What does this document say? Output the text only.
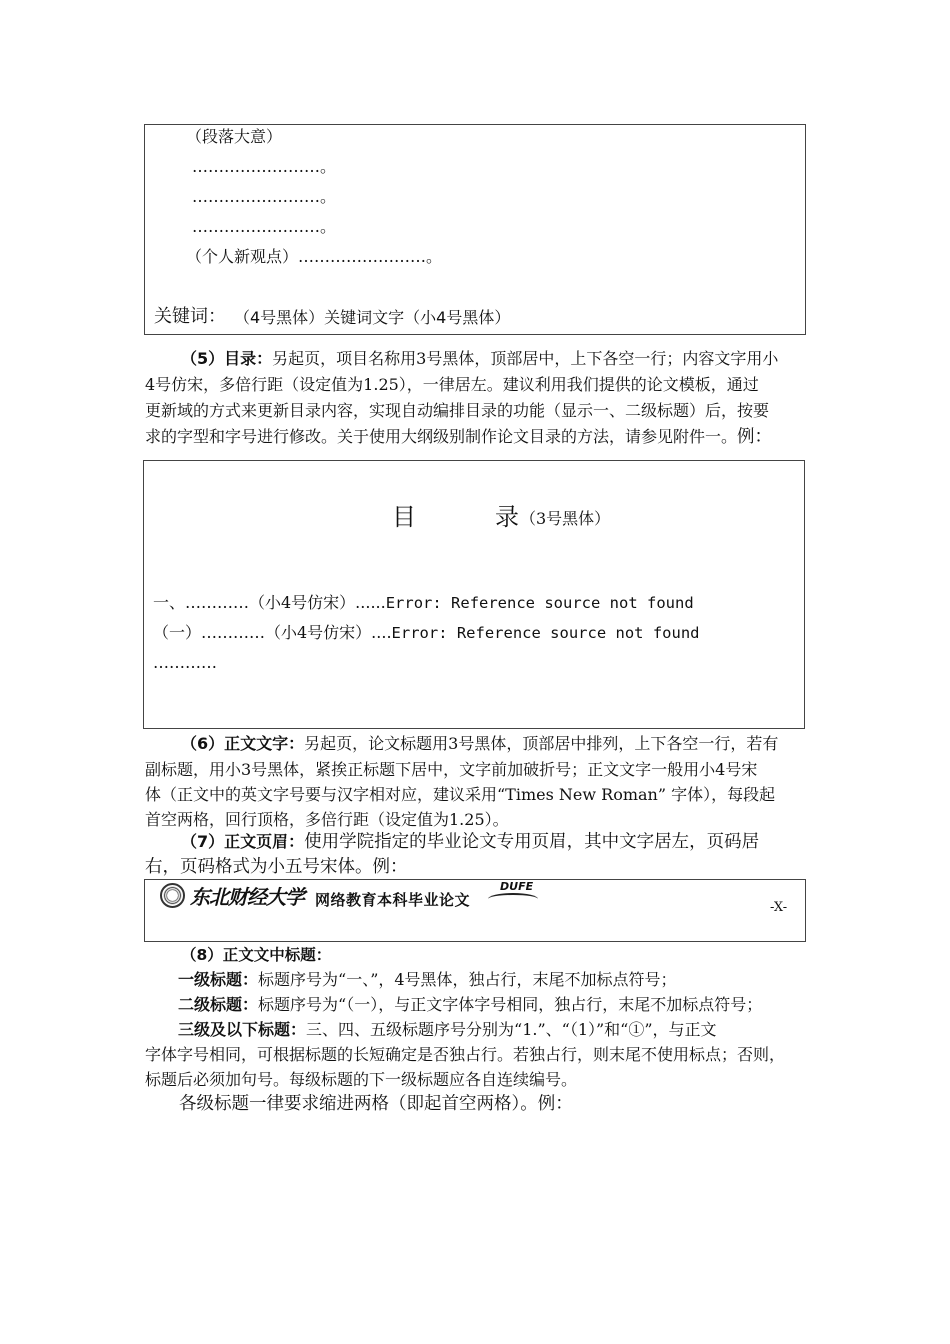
（段落大意）
……………………。
……………………。
……………………。
（个人新观点）……………………。
关键词： （4号黑体）关键词文字（小4号黑体）
（5）目录：另起页，项目名称用3号黑体，顶部居中，上下各空一行；内容文字用小
4号仿宋，多倍行距（设定值为1.25），一律居左。建议利用我们提供的论文模板，通过
更新域的方式来更新目录内容，实现自动编排目录的功能（显示一、二级标题）后，按要
求的字型和字号进行修改。关于使用大纲级别制作论文目录的方法，请参见附件一。例：
目	录 （3号黑体）
一、…………（小4号仿宋）......Error: Reference source not found
（一）…………（小4号仿宋）....Error: Reference source not found
…………
（6）正文文字：另起页，论文标题用3号黑体，顶部居中排列，上下各空一行，若有
副标题，用小3号黑体，紧挨正标题下居中，文字前加破折号；正文文字一般用小4号宋
体（正文中的英文字号要与汉字相对应，建议采用“Times New Roman” 字体），每段起
首空两格，回行顶格，多倍行距（设定值为1.25）。
（7）正文页眉：使用学院指定的毕业论文专用页眉，其中文字居左，页码居
右，页码格式为小五号宋体。例：
东北财经大学 网络教育本科毕业论文
DUFE
-X-
（8）正文文中标题：
一级标题：标题序号为“一、”，4号黑体，独占行，末尾不加标点符号；
二级标题：标题序号为“（一），与正文字体字号相同，独占行，末尾不加标点符号；
三级及以下标题：三、四、五级标题序号分别为“1.”、“（1）”和“①”，与正文
字体字号相同，可根据标题的长短确定是否独占行。若独占行，则末尾不使用标点；否则，
标题后必须加句号。每级标题的下一级标题应各自连续编号。
各级标题一律要求缩进两格（即起首空两格）。例：
